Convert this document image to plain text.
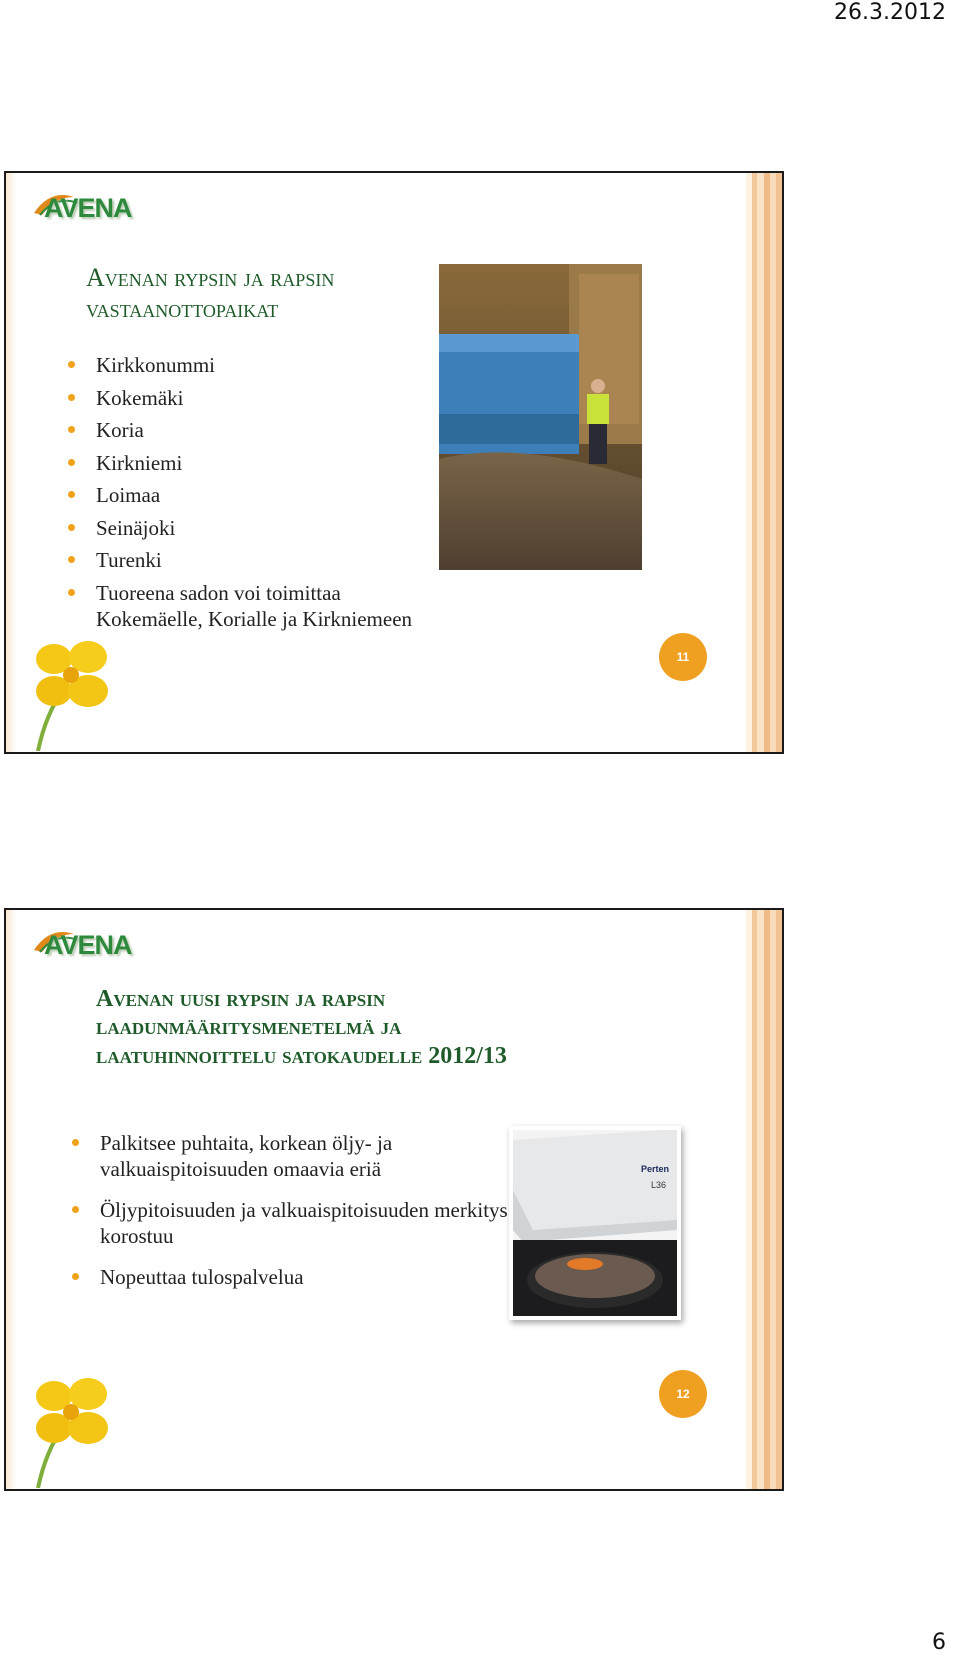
26.3.2012
AVENA
Avenan rypsin ja rapsin
vastaanottopaikat
Kirkkonummi
Kokemäki
Koria
Kirkniemi
Loimaa
Seinäjoki
Turenki
Tuoreena sadon voi toimittaa
Kokemäelle, Korialle ja Kirkniemeen
11
AVENA
Avenan uusi rypsin ja rapsin
laadunmääritysmenetelmä ja
laatuhinnoittelu satokaudelle 2012/13
Palkitsee puhtaita, korkean öljy- ja valkuaispitoisuuden omaavia eriä
Öljypitoisuuden ja valkuaispitoisuuden merkitys korostuu
Nopeuttaa tulospalvelua
Perten
L36
12
6
